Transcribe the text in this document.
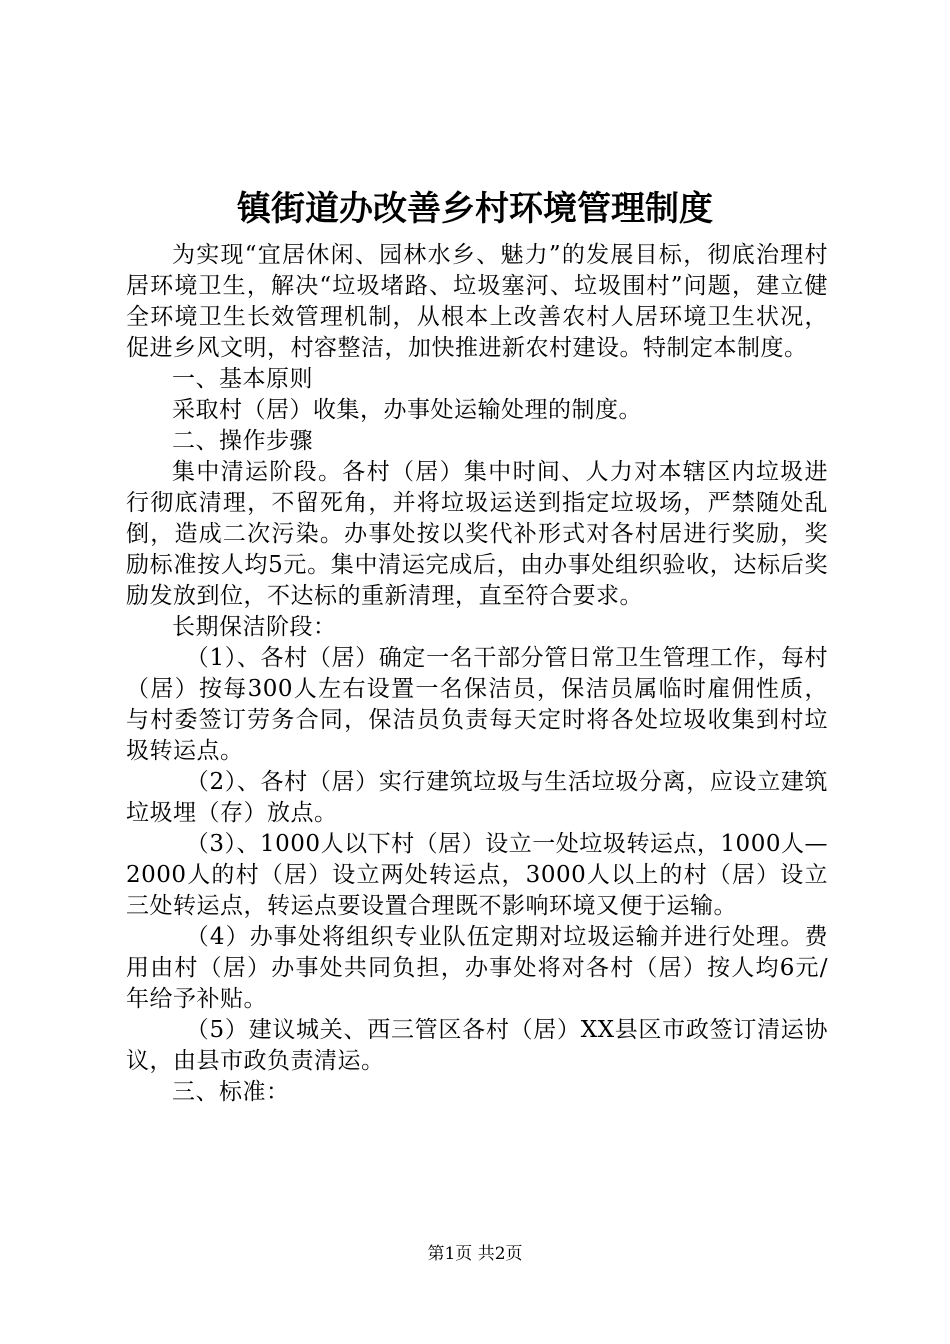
镇街道办改善乡村环境管理制度

为实现“宜居休闲、园林水乡、魅力”的发展目标，彻底治理村居环境卫生，解决“垃圾堵路、垃圾塞河、垃圾围村”问题，建立健全环境卫生长效管理机制，从根本上改善农村人居环境卫生状况，促进乡风文明，村容整洁，加快推进新农村建设。特制定本制度。

一、基本原则

采取村（居）收集，办事处运输处理的制度。

二、操作步骤

集中清运阶段。各村（居）集中时间、人力对本辖区内垃圾进行彻底清理，不留死角，并将垃圾运送到指定垃圾场，严禁随处乱倒，造成二次污染。办事处按以奖代补形式对各村居进行奖励，奖励标准按人均5元。集中清运完成后，由办事处组织验收，达标后奖励发放到位，不达标的重新清理，直至符合要求。

长期保洁阶段：

（1）、各村（居）确定一名干部分管日常卫生管理工作，每村（居）按每300人左右设置一名保洁员，保洁员属临时雇佣性质，与村委签订劳务合同，保洁员负责每天定时将各处垃圾收集到村垃圾转运点。

（2）、各村（居）实行建筑垃圾与生活垃圾分离，应设立建筑垃圾埋（存）放点。

（3）、1000人以下村（居）设立一处垃圾转运点，1000人—2000人的村（居）设立两处转运点，3000人以上的村（居）设立三处转运点，转运点要设置合理既不影响环境又便于运输。

（4）办事处将组织专业队伍定期对垃圾运输并进行处理。费用由村（居）办事处共同负担，办事处将对各村（居）按人均6元/年给予补贴。

（5）建议城关、西三管区各村（居）XX县区市政签订清运协议，由县市政负责清运。

三、标准：

第1页 共2页
